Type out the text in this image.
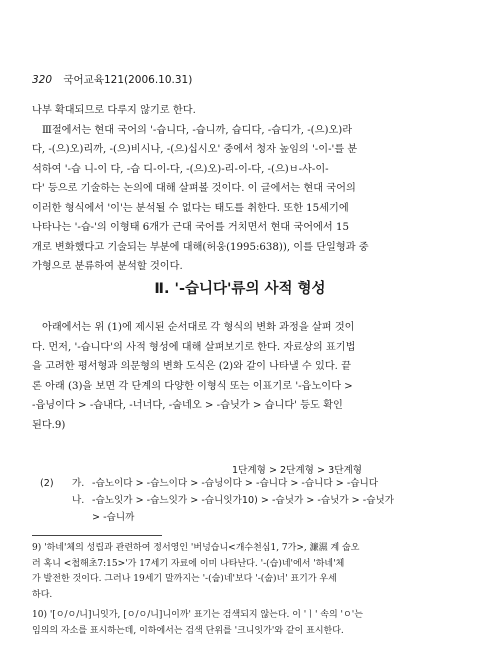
320 국어교육121(2006.10.31)
나부 확대되므로 다루지 않기로 한다.
Ⅲ절에서는 현대 국어의 '-습니다, -습니까, 습디다, -습디가, -(으)오)라
다, -(으)오)리까, -(으)비시나, -(으)십시오' 중에서 청자 높임의 '-이-'를 분
석하여 '-습 니-이 다, -습 디-이-다, -(으)오)-리-이-다, -(으)ㅂ-사-이-
다' 등으로 기술하는 논의에 대해 살펴볼 것이다. 이 글에서는 현대 국어의
이러한 형식에서 '이'는 분석될 수 없다는 태도를 취한다. 또한 15세기에
나타나는 '-습-'의 이형태 6개가 근대 국어를 거치면서 현대 국어에서 15
개로 변화했다고 기술되는 부분에 대해(허웅(1995:638)), 이를 단일형과 중
가형으로 분류하여 분석할 것이다.
Ⅱ. '-습니다'류의 사적 형성
아래에서는 위 (1)에 제시된 순서대로 각 형식의 변화 과정을 살펴 것이
다. 먼저, '-습니다'의 사적 형성에 대해 살펴보기로 한다. 자료상의 표기법
을 고려한 평서형과 의문형의 변화 도식은 (2)와 같이 나타낼 수 있다. 끝
론 아래 (3)을 보면 각 단계의 다양한 이형식 또는 이표기로 '-읍노이다 >
-읍닝이다 > -습내다, -너너다, -숩네오 > -습닛가 > 습니다' 등도 확인
된다.9)
1단계형 > 2단계형 > 3단계형
(2)	가. -습노이다 > -습느이다 > -습닝이다 > -습니다 > -습니다 > -습니다
나. -습노잇가 > -습느잇가 > -습니잇가10) > -습닛가 > -습닛가 > -습닛가
> -습니까
9) '하네'체의 성립과 관련하여 정서영인 '버넝습니<개수천심1, 7가>, 濂濕 계 숩오
러 혹니 <첩해초7:15>'가 17세기 자료에 이미 나타난다. '-(습)네'에서 '하네'체
가 발전한 것이다. 그러나 19세기 말까지는 '-(숩)네'보다 '-(숩)너' 표기가 우세
하다.
10) '[ㅇ/ㅇ/니]니잇가, [ㅇ/ㅇ/니]니이까' 표기는 검색되지 않는다. 이 'ㅣ' 속의 'ㅇ'는
임의의 자소를 표시하는데, 이하에서는 검색 단위를 '크니잇가'와 같이 표시한다.
